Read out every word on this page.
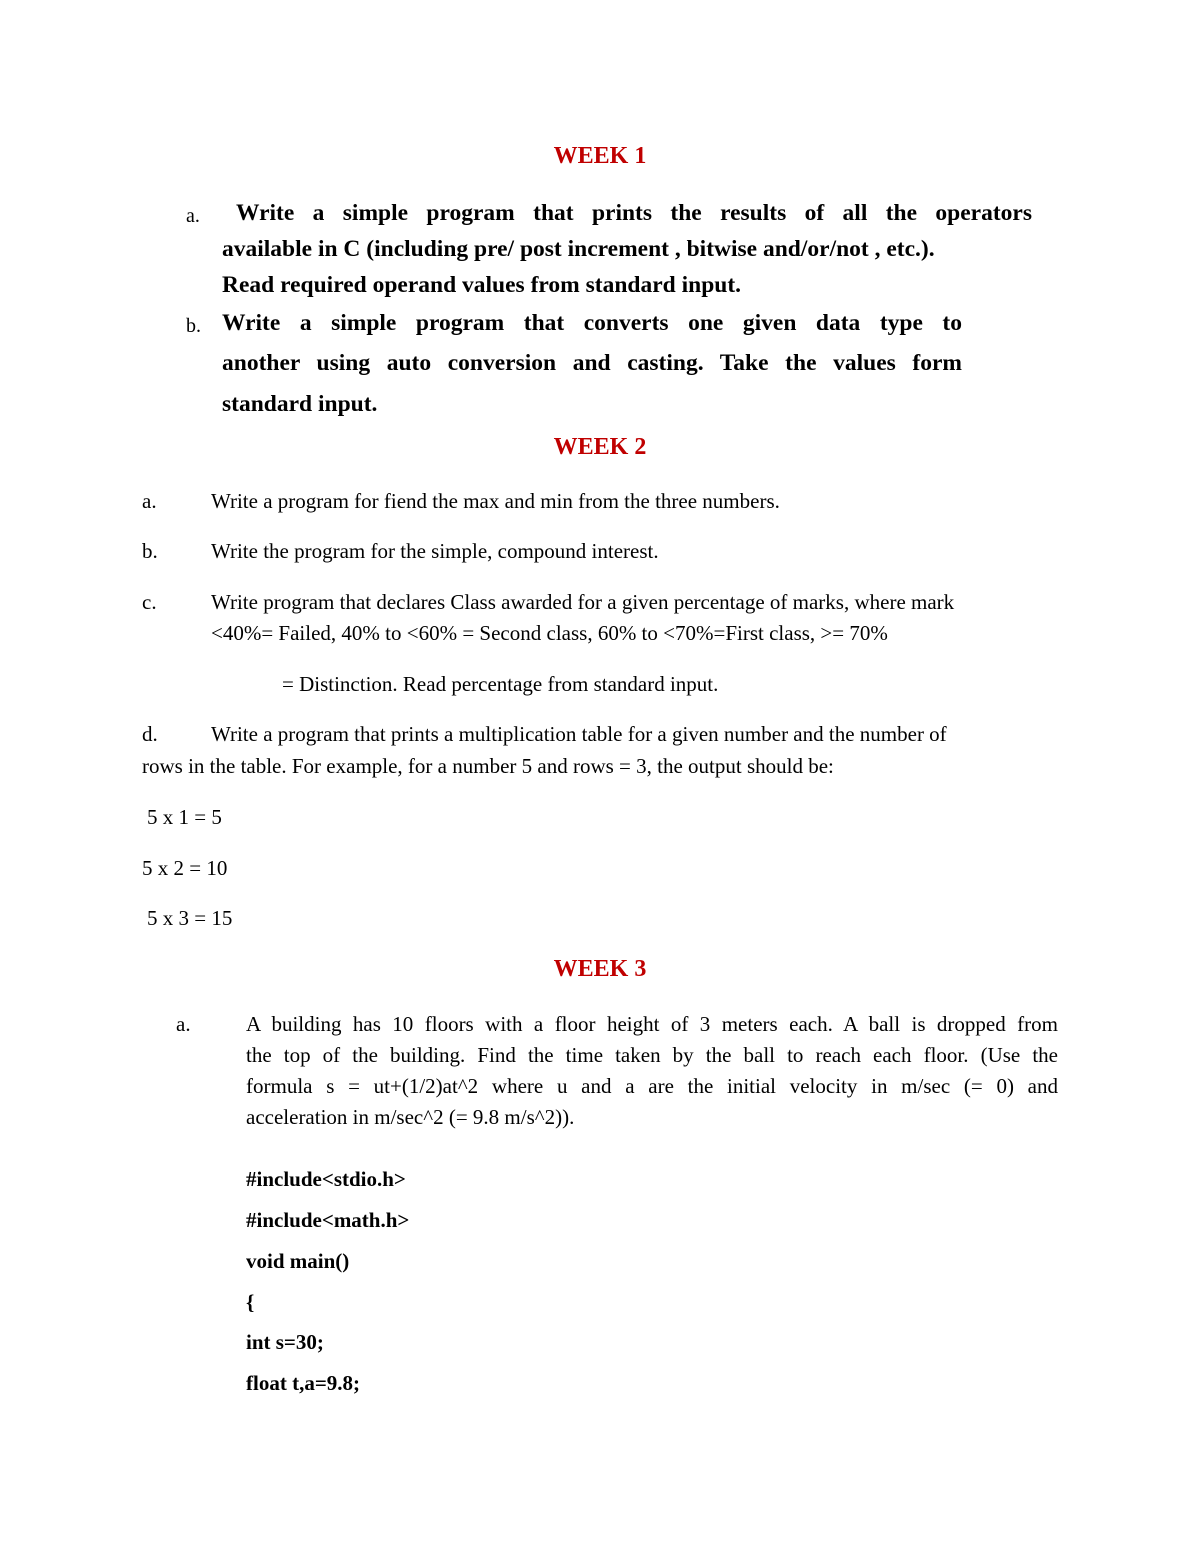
WEEK 1
a. Write a simple program that prints the results of all the operators
available in C (including pre/ post increment , bitwise and/or/not , etc.).
Read required operand values from standard input.
b. Write a simple program that converts one given data type to
another using auto conversion and casting. Take the values form
standard input.
WEEK 2
a.	Write a program for fiend the max and min from the three numbers.
b.	Write the program for the simple, compound interest.
c.	Write program that declares Class awarded for a given percentage of marks, where mark
<40%= Failed, 40% to <60% = Second class, 60% to <70%=First class, >= 70%
= Distinction. Read percentage from standard input.
d.	Write a program that prints a multiplication table for a given number and the number of
rows in the table. For example, for a number 5 and rows = 3, the output should be:
5 x 1 = 5
5 x 2 = 10
5 x 3 = 15
WEEK 3
a.	A building has 10 floors with a floor height of 3 meters each. A ball is dropped from
the top of the building. Find the time taken by the ball to reach each floor. (Use the
formula s = ut+(1/2)at^2 where u and a are the initial velocity in m/sec (= 0) and
acceleration in m/sec^2 (= 9.8 m/s^2)).
#include<stdio.h>
#include<math.h>
void main()
{
int s=30;
float t,a=9.8;
